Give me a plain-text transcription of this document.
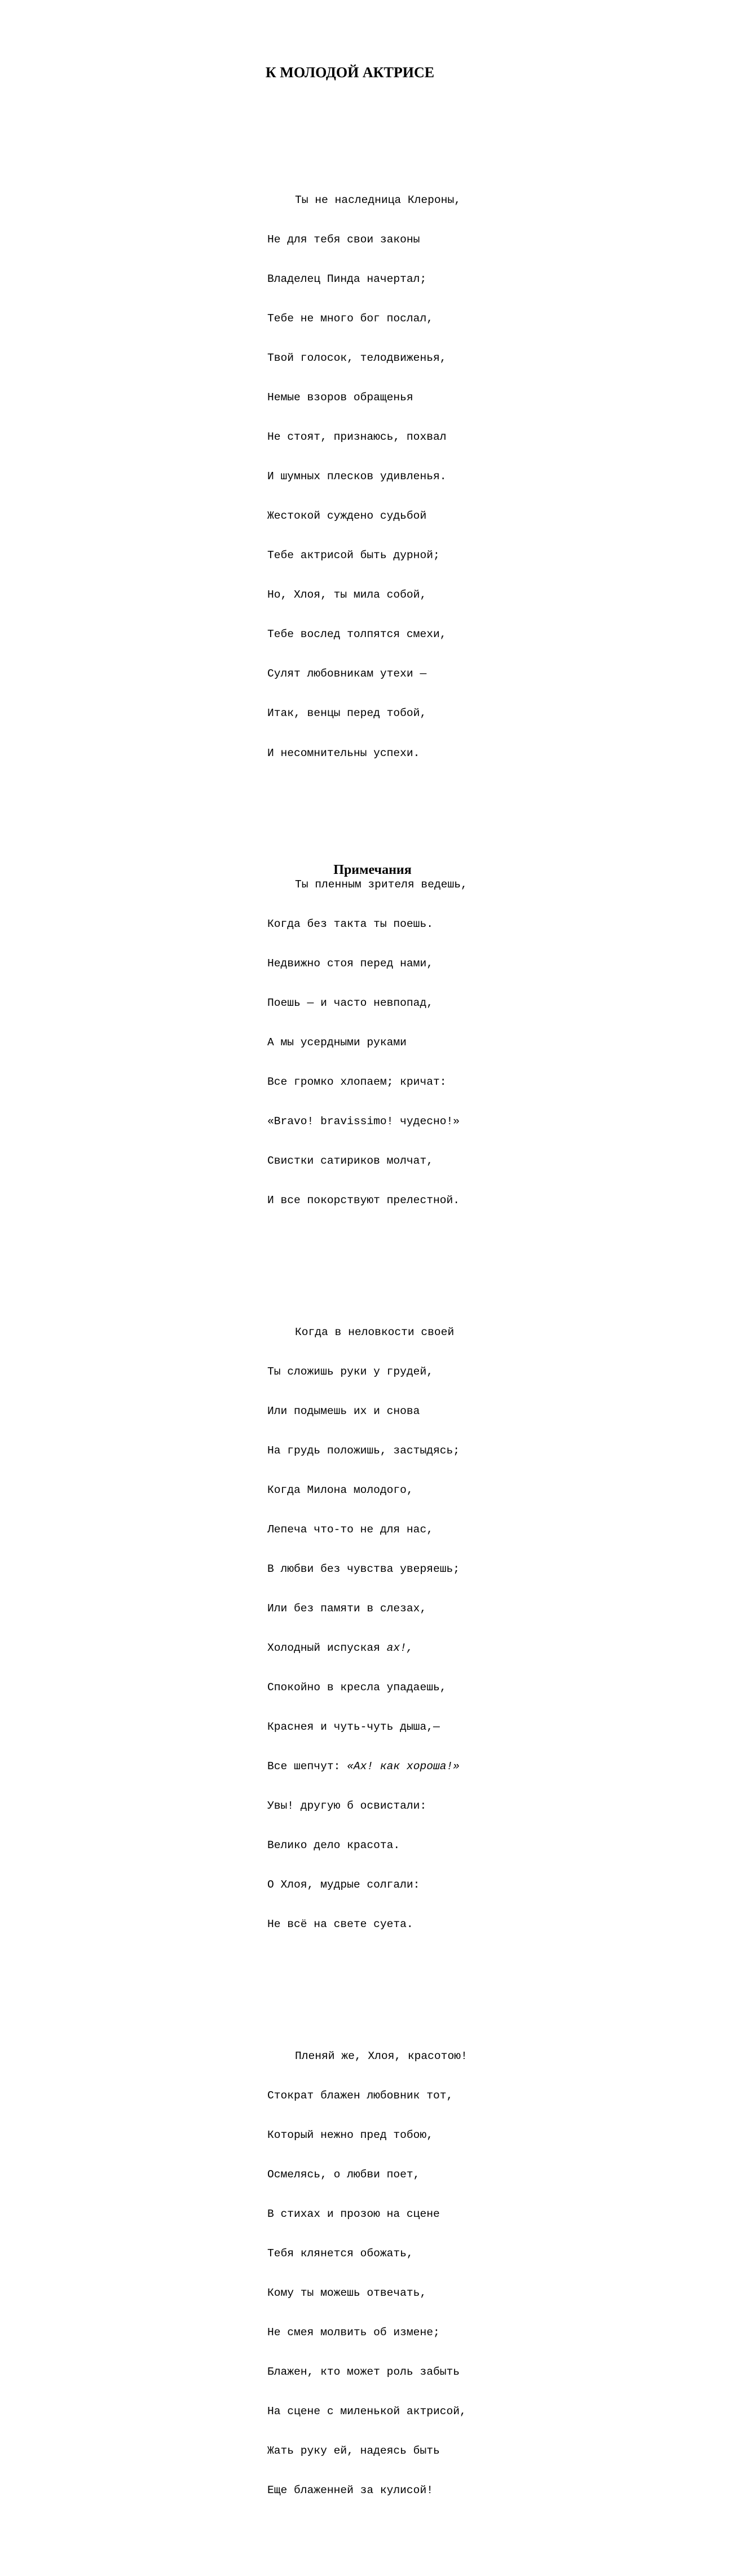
К МОЛОДОЙ АКТРИСЕ

Ты не наследница Клероны,

Не для тебя свои законы

Владелец Пинда начертал;

Тебе не много бог послал,

Твой голосок, телодвиженья,

Немые взоров обращенья

Не стоят, признаюсь, похвал

И шумных плесков удивленья.

Жестокой суждено судьбой

Тебе актрисой быть дурной;

Но, Хлоя, ты мила собой,

Тебе вослед толпятся смехи,

Сулят любовникам утехи —

Итак, венцы перед тобой,

И несомнительны успехи.

Ты пленным зрителя ведешь,

Когда без такта ты поешь.

Недвижно стоя перед нами,

Поешь — и часто невпопад,

А мы усердными руками

Все громко хлопаем; кричат:

«Bravo! bravissimo! чудесно!»

Свистки сатириков молчат,

И все покорствуют прелестной.

Когда в неловкости своей

Ты сложишь руки у грудей,

Или подымешь их и снова

На грудь положишь, застыдясь;

Когда Милона молодого,

Лепеча что-то не для нас,

В любви без чувства уверяешь;

Или без памяти в слезах,

Холодный испуская ах!,

Спокойно в кресла упадаешь,

Краснея и чуть-чуть дыша,—

Все шепчут: «Ах! как хороша!»

Увы! другую б освистали:

Велико дело красота.

О Хлоя, мудрые солгали:

Не всё на свете суета.

Пленяй же, Хлоя, красотою!

Стократ блажен любовник тот,

Который нежно пред тобою,

Осмелясь, о любви поет,

В стихах и прозою на сцене

Тебя клянется обожать,

Кому ты можешь отвечать,

Не смея молвить об измене;

Блажен, кто может роль забыть

На сцене с миленькой актрисой,

Жать руку ей, надеясь быть

Еще блаженней за кулисой!

Примечания
